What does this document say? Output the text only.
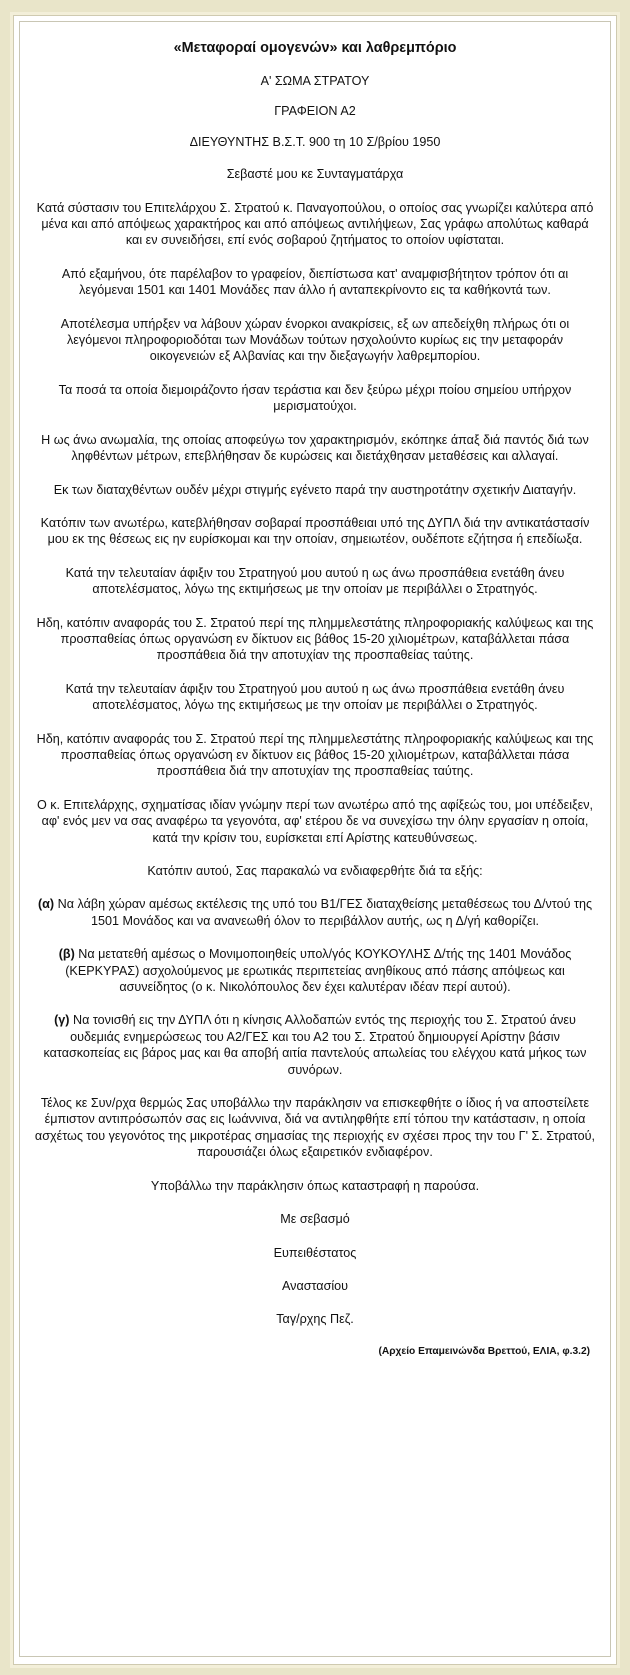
«Μεταφοραί ομογενών» και λαθρεμπόριο
Α' ΣΩΜΑ ΣΤΡΑΤΟΥ
ΓΡΑΦΕΙΟΝ Α2
ΔΙΕΥΘΥΝΤΗΣ Β.Σ.Τ. 900 τη 10 Σ/βρίου 1950
Σεβαστέ μου κε Συνταγματάρχα
Κατά σύστασιν του Επιτελάρχου Σ. Στρατού κ. Παναγοπούλου, ο οποίος σας γνωρίζει καλύτερα από μένα και από απόψεως χαρακτήρος και από απόψεως αντιλήψεων, Σας γράφω απολύτως καθαρά και εν συνειδήσει, επί ενός σοβαρού ζητήματος το οποίον υφίσταται.
Από εξαμήνου, ότε παρέλαβον το γραφείον, διεπίστωσα κατ' αναμφισβήτητον τρόπον ότι αι λεγόμεναι 1501 και 1401 Μονάδες παν άλλο ή ανταπεκρίνοντο εις τα καθήκοντά των.
Αποτέλεσμα υπήρξεν να λάβουν χώραν ένορκοι ανακρίσεις, εξ ων απεδείχθη πλήρως ότι οι λεγόμενοι πληροφοριοδόται των Μονάδων τούτων ησχολούντο κυρίως εις την μεταφοράν οικογενειών εξ Αλβανίας και την διεξαγωγήν λαθρεμπορίου.
Τα ποσά τα οποία διεμοιράζοντο ήσαν τεράστια και δεν ξεύρω μέχρι ποίου σημείου υπήρχον μερισματούχοι.
Η ως άνω ανωμαλία, της οποίας αποφεύγω τον χαρακτηρισμόν, εκόπηκε άπαξ διά παντός διά των ληφθέντων μέτρων, επεβλήθησαν δε κυρώσεις και διετάχθησαν μεταθέσεις και αλλαγαί.
Εκ των διαταχθέντων ουδέν μέχρι στιγμής εγένετο παρά την αυστηροτάτην σχετικήν Διαταγήν.
Κατόπιν των ανωτέρω, κατεβλήθησαν σοβαραί προσπάθειαι υπό της ΔΥΠΛ διά την αντικατάστασίν μου εκ της θέσεως εις ην ευρίσκομαι και την οποίαν, σημειωτέον, ουδέποτε εζήτησα ή επεδίωξα.
Κατά την τελευταίαν άφιξιν του Στρατηγού μου αυτού η ως άνω προσπάθεια ενετάθη άνευ αποτελέσματος, λόγω της εκτιμήσεως με την οποίαν με περιβάλλει ο Στρατηγός.
Ηδη, κατόπιν αναφοράς του Σ. Στρατού περί της πλημμελεστάτης πληροφοριακής καλύψεως και της προσπαθείας όπως οργανώση εν δίκτυον εις βάθος 15-20 χιλιομέτρων, καταβάλλεται πάσα προσπάθεια διά την αποτυχίαν της προσπαθείας ταύτης.
Κατά την τελευταίαν άφιξιν του Στρατηγού μου αυτού η ως άνω προσπάθεια ενετάθη άνευ αποτελέσματος, λόγω της εκτιμήσεως με την οποίαν με περιβάλλει ο Στρατηγός.
Ηδη, κατόπιν αναφοράς του Σ. Στρατού περί της πλημμελεστάτης πληροφοριακής καλύψεως και της προσπαθείας όπως οργανώση εν δίκτυον εις βάθος 15-20 χιλιομέτρων, καταβάλλεται πάσα προσπάθεια διά την αποτυχίαν της προσπαθείας ταύτης.
Ο κ. Επιτελάρχης, σχηματίσας ιδίαν γνώμην περί των ανωτέρω από της αφίξεώς του, μοι υπέδειξεν, αφ' ενός μεν να σας αναφέρω τα γεγονότα, αφ' ετέρου δε να συνεχίσω την όλην εργασίαν η οποία, κατά την κρίσιν του, ευρίσκεται επί Αρίστης κατευθύνσεως.
Κατόπιν αυτού, Σας παρακαλώ να ενδιαφερθήτε διά τα εξής:
(α) Να λάβη χώραν αμέσως εκτέλεσις της υπό του Β1/ΓΕΣ διαταχθείσης μεταθέσεως του Δ/ντού της 1501 Μονάδος και να ανανεωθή όλον το περιβάλλον αυτής, ως η Δ/γή καθορίζει.
(β) Να μετατεθή αμέσως ο Μονιμοποιηθείς υπολ/γός ΚΟΥΚΟΥΛΗΣ Δ/τής της 1401 Μονάδος (ΚΕΡΚΥΡΑΣ) ασχολούμενος με ερωτικάς περιπετείας ανηθίκους από πάσης απόψεως και ασυνείδητος (ο κ. Νικολόπουλος δεν έχει καλυτέραν ιδέαν περί αυτού).
(γ) Να τονισθή εις την ΔΥΠΛ ότι η κίνησις Αλλοδαπών εντός της περιοχής του Σ. Στρατού άνευ ουδεμιάς ενημερώσεως του Α2/ΓΕΣ και του Α2 του Σ. Στρατού δημιουργεί Αρίστην βάσιν κατασκοπείας εις βάρος μας και θα αποβή αιτία παντελούς απωλείας του ελέγχου κατά μήκος των συνόρων.
Τέλος κε Συν/ρχα θερμώς Σας υποβάλλω την παράκλησιν να επισκεφθήτε ο ίδιος ή να αποστείλετε έμπιστον αντιπρόσωπόν σας εις Ιωάννινα, διά να αντιληφθήτε επί τόπου την κατάστασιν, η οποία ασχέτως του γεγονότος της μικροτέρας σημασίας της περιοχής εν σχέσει προς την του Γ' Σ. Στρατού, παρουσιάζει όλως εξαιρετικόν ενδιαφέρον.
Υποβάλλω την παράκλησιν όπως καταστραφή η παρούσα.
Με σεβασμό
Ευπειθέστατος
Αναστασίου
Ταγ/ρχης Πεζ.
(Αρχείο Επαμεινώνδα Βρεττού, ΕΛΙΑ, φ.3.2)
